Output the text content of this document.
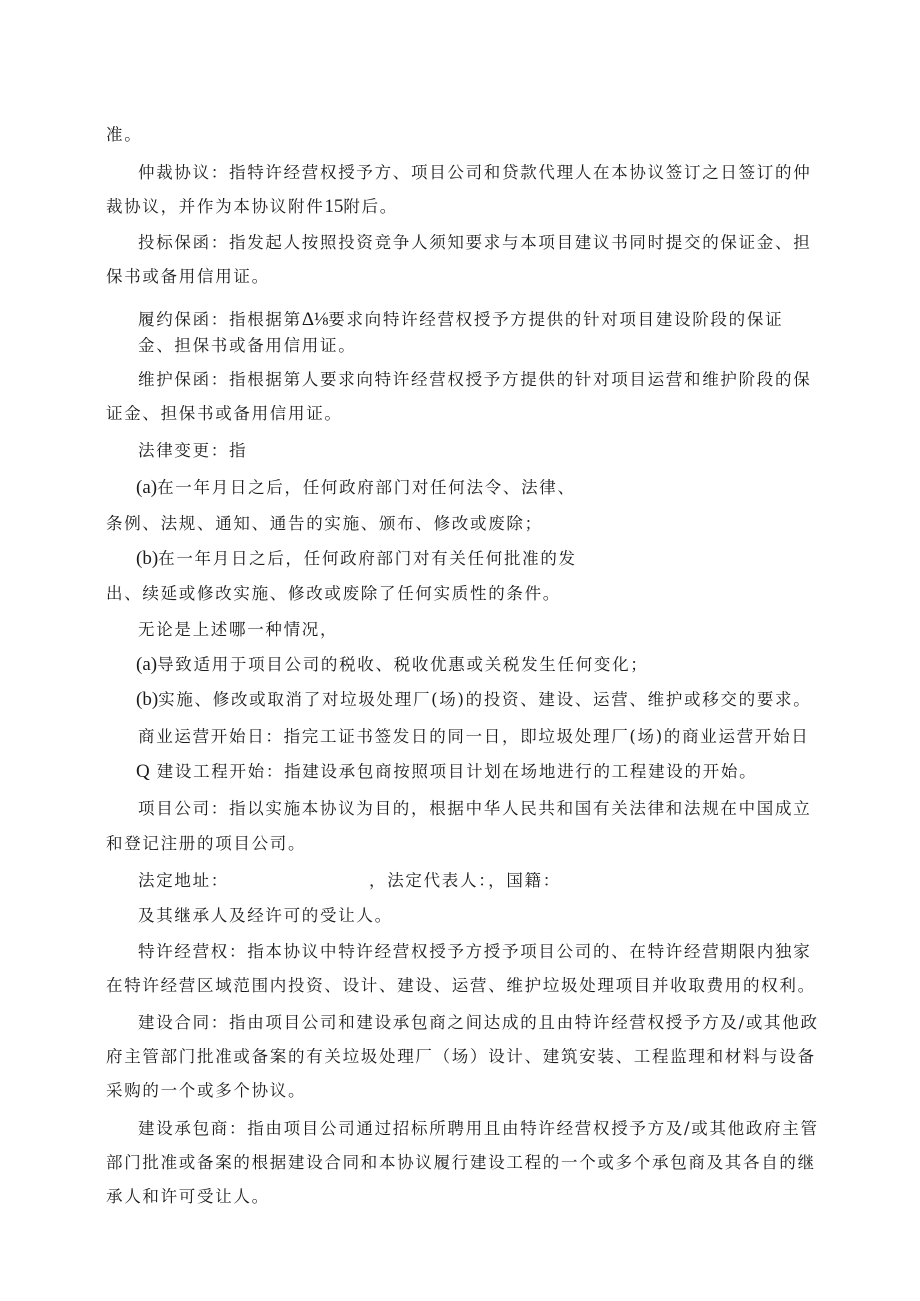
准。
仲裁协议：指特许经营权授予方、项目公司和贷款代理人在本协议签订之日签订的仲
裁协议，并作为本协议附件15附后。
投标保函：指发起人按照投资竞争人须知要求与本项目建议书同时提交的保证金、担
保书或备用信用证。
履约保函：指根据第Δ⅛要求向特许经营权授予方提供的针对项目建设阶段的保证
金、担保书或备用信用证。
维护保函：指根据第人要求向特许经营权授予方提供的针对项目运营和维护阶段的保
证金、担保书或备用信用证。
法律变更：指
(a)在一年月日之后，任何政府部门对任何法令、法律、
条例、法规、通知、通告的实施、颁布、修改或废除；
(b)在一年月日之后，任何政府部门对有关任何批准的发
出、续延或修改实施、修改或废除了任何实质性的条件。
无论是上述哪一种情况，
(a)导致适用于项目公司的税收、税收优惠或关税发生任何变化；
(b)实施、修改或取消了对垃圾处理厂(场)的投资、建设、运营、维护或移交的要求。
商业运营开始日：指完工证书签发日的同一日，即垃圾处理厂(场)的商业运营开始日
Q 建设工程开始：指建设承包商按照项目计划在场地进行的工程建设的开始。
项目公司：指以实施本协议为目的，根据中华人民共和国有关法律和法规在中国成立
和登记注册的项目公司。
法定地址：	，法定代表人：，国籍：
及其继承人及经许可的受让人。
特许经营权：指本协议中特许经营权授予方授予项目公司的、在特许经营期限内独家
在特许经营区域范围内投资、设计、建设、运营、维护垃圾处理项目并收取费用的权利。
建设合同：指由项目公司和建设承包商之间达成的且由特许经营权授予方及/或其他政
府主管部门批准或备案的有关垃圾处理厂（场）设计、建筑安装、工程监理和材料与设备
采购的一个或多个协议。
建设承包商：指由项目公司通过招标所聘用且由特许经营权授予方及/或其他政府主管
部门批准或备案的根据建设合同和本协议履行建设工程的一个或多个承包商及其各自的继
承人和许可受让人。
